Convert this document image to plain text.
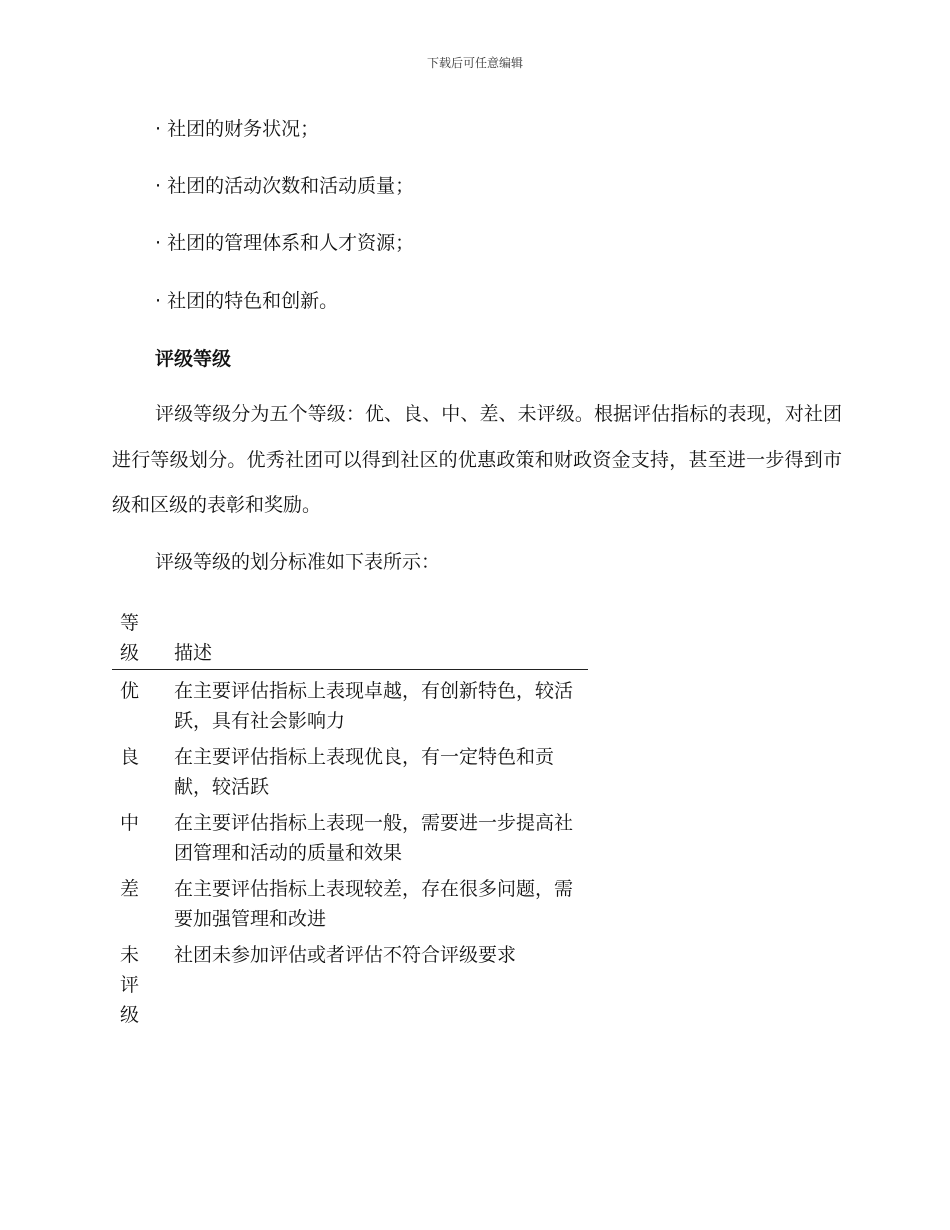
下载后可任意编辑
· 社团的财务状况；
· 社团的活动次数和活动质量；
· 社团的管理体系和人才资源；
· 社团的特色和创新。
评级等级
评级等级分为五个等级：优、良、中、差、未评级。根据评估指标的表现，对社团进行等级划分。优秀社团可以得到社区的优惠政策和财政资金支持，甚至进一步得到市级和区级的表彰和奖励。
评级等级的划分标准如下表所示：
等级	描述

优	在主要评估指标上表现卓越，有创新特色，较活跃，具有社会影响力

良	在主要评估指标上表现优良，有一定特色和贡献，较活跃

中	在主要评估指标上表现一般，需要进一步提高社团管理和活动的质量和效果

差	在主要评估指标上表现较差，存在很多问题，需要加强管理和改进

未评级	社团未参加评估或者评估不符合评级要求
